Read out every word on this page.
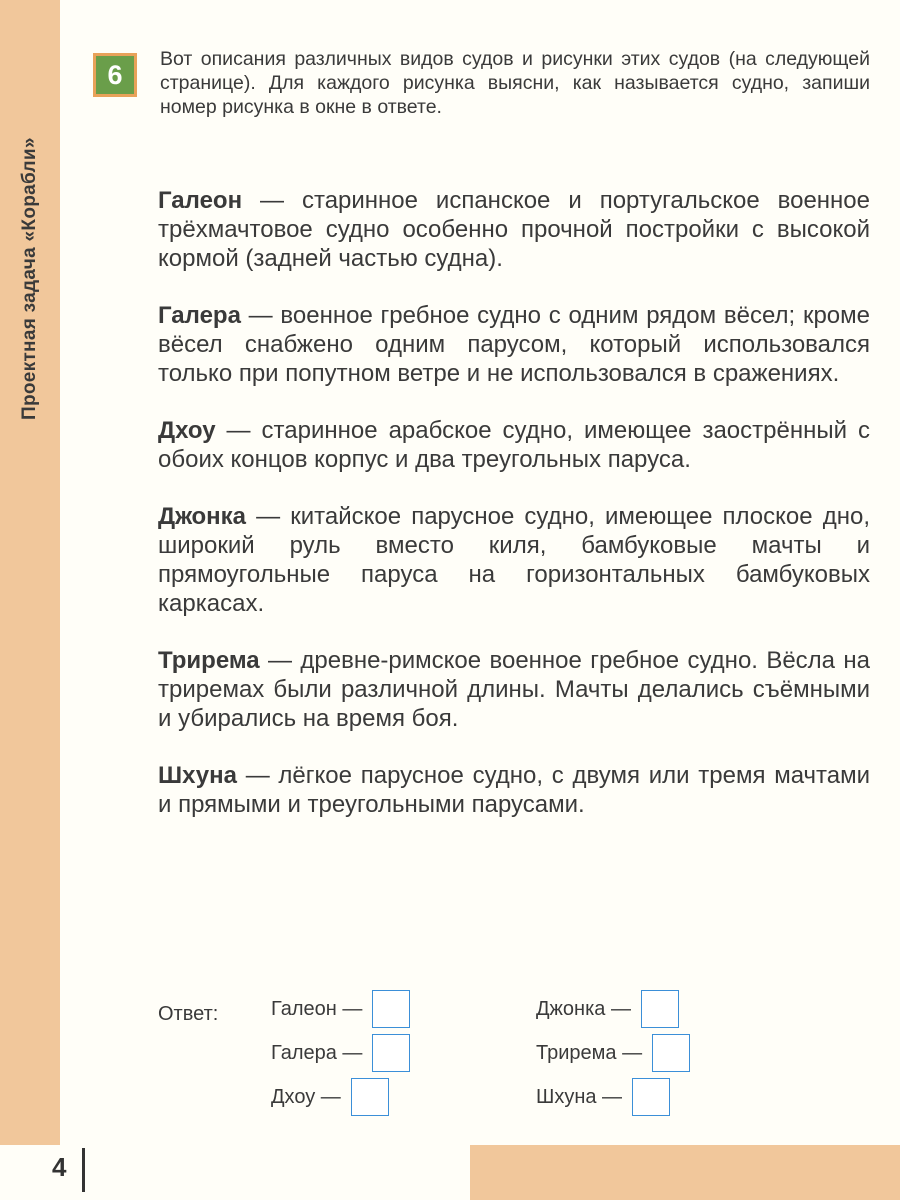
Проектная задача «Корабли»
4
6
Вот описания различных видов судов и рисунки этих судов (на следующей странице). Для каждого рисунка выясни, как называется судно, запиши номер рисунка в окне в ответе.

Галеон — старинное испанское и португальское военное трёхмачтовое судно особенно прочной постройки с высокой кормой (задней частью судна).

Галера — военное гребное судно с одним рядом вёсел; кроме вёсел снабжено одним парусом, который использовался только при попутном ветре и не использовался в сражениях.

Дхоу — старинное арабское судно, имеющее заострённый с обоих концов корпус и два треугольных паруса.

Джонка — китайское парусное судно, имеющее плоское дно, широкий руль вместо киля, бамбуковые мачты и прямоугольные паруса на горизонтальных бамбуковых каркасах.

Трирема — древне-римское военное гребное судно. Вёсла на триремах были различной длины. Мачты делались съёмными и убирались на время боя.

Шхуна — лёгкое парусное судно, с двумя или тремя мачтами и прямыми и треугольными парусами.

Ответ:	Галеон —
Галера —
Дхоу —
Джонка —
Трирема —
Шхуна —
